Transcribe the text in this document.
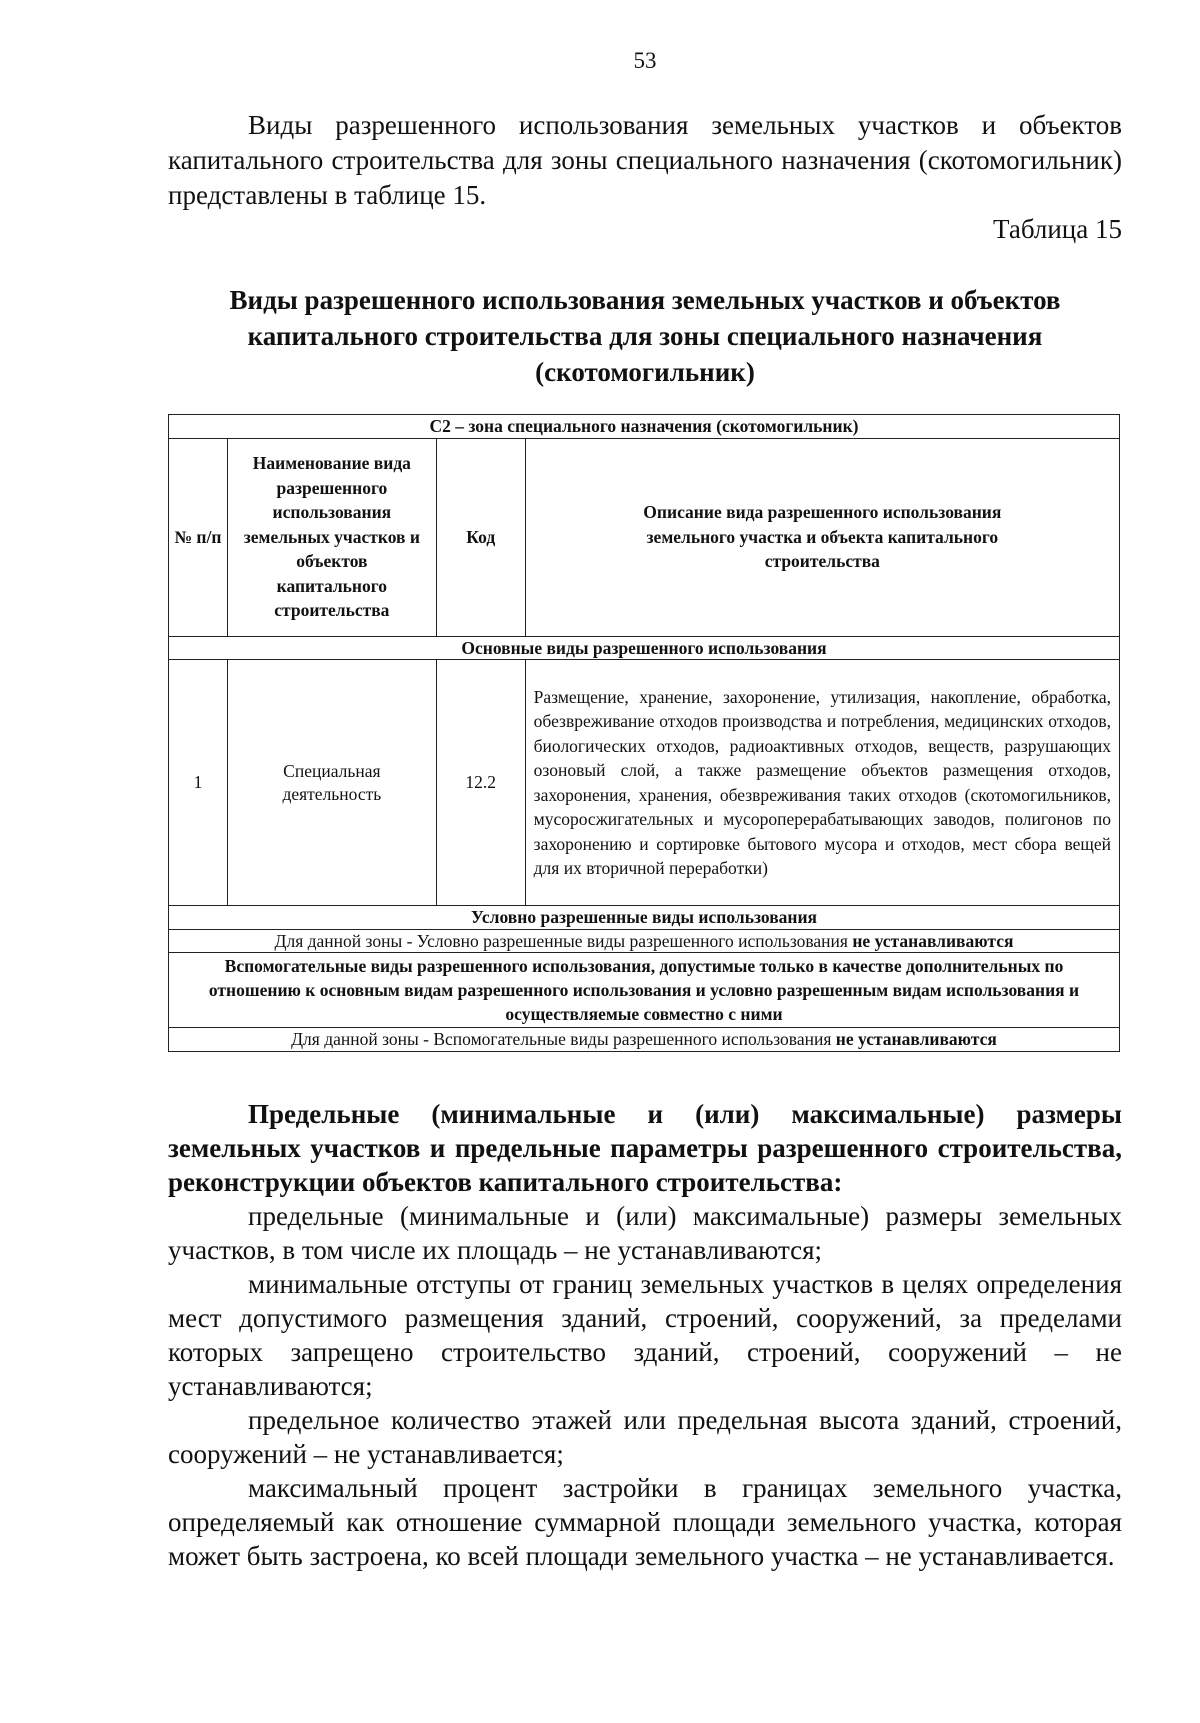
53

Виды разрешенного использования земельных участков и объектов капитального строительства для зоны специального назначения (скотомогильник) представлены в таблице 15.

Таблица 15
Виды разрешенного использования земельных участков и объектов
капитального строительства для зоны специального назначения
(скотомогильник)
С2 – зона специального назначения (скотомогильник)			
№ п/п	Наименование вида разрешенного использования земельных участков и объектов капитального строительства	Код	Описание вида разрешенного использования земельного участка и объекта капитального строительства
Основные виды разрешенного использования			
1	Специальная деятельность	12.2	Размещение, хранение, захоронение, утилизация, накопление, обработка, обезвреживание отходов производства и потребления, медицинских отходов, биологических отходов, радиоактивных отходов, веществ, разрушающих озоновый слой, а также размещение объектов размещения отходов, захоронения, хранения, обезвреживания таких отходов (скотомогильников, мусоросжигательных и мусороперерабатывающих заводов, полигонов по захоронению и сортировке бытового мусора и отходов, мест сбора вещей для их вторичной переработки)
Условно разрешенные виды использования			
Для данной зоны - Условно разрешенные виды разрешенного использования не устанавливаются			
Вспомогательные виды разрешенного использования, допустимые только в качестве дополнительных по отношению к основным видам разрешенного использования и условно разрешенным видам использования и осуществляемые совместно с ними			
Для данной зоны - Вспомогательные виды разрешенного использования не устанавливаются			
Предельные (минимальные и (или) максимальные) размеры земельных участков и предельные параметры разрешенного строительства, реконструкции объектов капитального строительства:

предельные (минимальные и (или) максимальные) размеры земельных участков, в том числе их площадь – не устанавливаются;

минимальные отступы от границ земельных участков в целях определения мест допустимого размещения зданий, строений, сооружений, за пределами которых запрещено строительство зданий, строений, сооружений – не устанавливаются;

предельное количество этажей или предельная высота зданий, строений, сооружений – не устанавливается;

максимальный процент застройки в границах земельного участка, определяемый как отношение суммарной площади земельного участка, которая может быть застроена, ко всей площади земельного участка – не устанавливается.
